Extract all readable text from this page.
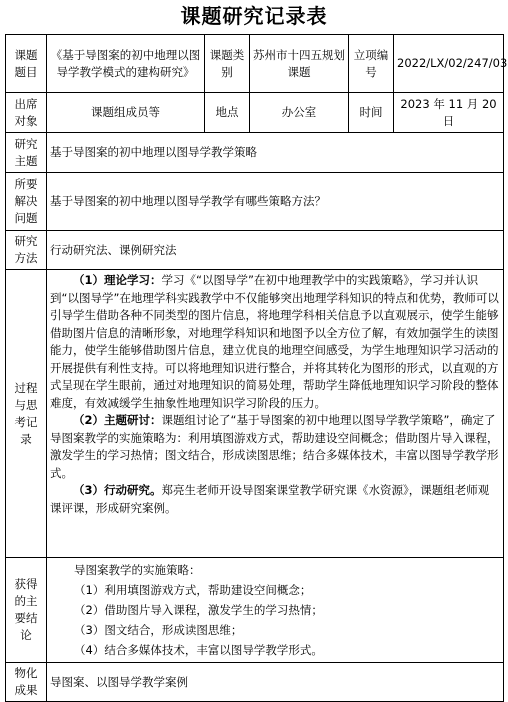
课题研究记录表
课题题目	《基于导图案的初中地理以图导学教学模式的建构研究》	课题类别	苏州市十四五规划课题	立项编号	2022/LX/02/247/03
出席对象	课题组成员等	地点	办公室	时间	2023 年 11 月 20 日
研究主题	基于导图案的初中地理以图导学教学策略				
所要解决问题	基于导图案的初中地理以图导学教学有哪些策略方法？				
研究方法	行动研究法、课例研究法				
过程与思考记录	（1）理论学习：学习《“以图导学”在初中地理教学中的实践策略》，学习并认识到“以图导学”在地理学科实践教学中不仅能够突出地理学科知识的特点和优势，教师可以引导学生借助各种不同类型的图片信息，将地理学科相关信息予以直观展示，使学生能够借助图片信息的清晰形象，对地理学科知识和地图予以全方位了解，有效加强学生的读图能力，使学生能够借助图片信息，建立优良的地理空间感受，为学生地理知识学习活动的开展提供有利性支持。可以将地理知识进行整合，并将其转化为图形的形式，以直观的方式呈现在学生眼前，通过对地理知识的简易处理，帮助学生降低地理知识学习阶段的整体难度，有效减缓学生抽象性地理知识学习阶段的压力。

（2）主题研讨：课题组讨论了“基于导图案的初中地理以图导学教学策略”，确定了导图案教学的实施策略为：利用填图游戏方式，帮助建设空间概念；借助图片导入课程，激发学生的学习热情；图文结合，形成读图思维；结合多媒体技术，丰富以图导学教学形式。

（3）行动研究。郑亮生老师开设导图案课堂教学研究课《水资源》，课题组老师观课评课，形成研究案例。				

获得的主要结论	导图案教学的实施策略：

（1）利用填图游戏方式，帮助建设空间概念；

（2）借助图片导入课程，激发学生的学习热情；

（3）图文结合，形成读图思维；

（4）结合多媒体技术，丰富以图导学教学形式。				

物化成果	导图案、以图导学教学案例				
